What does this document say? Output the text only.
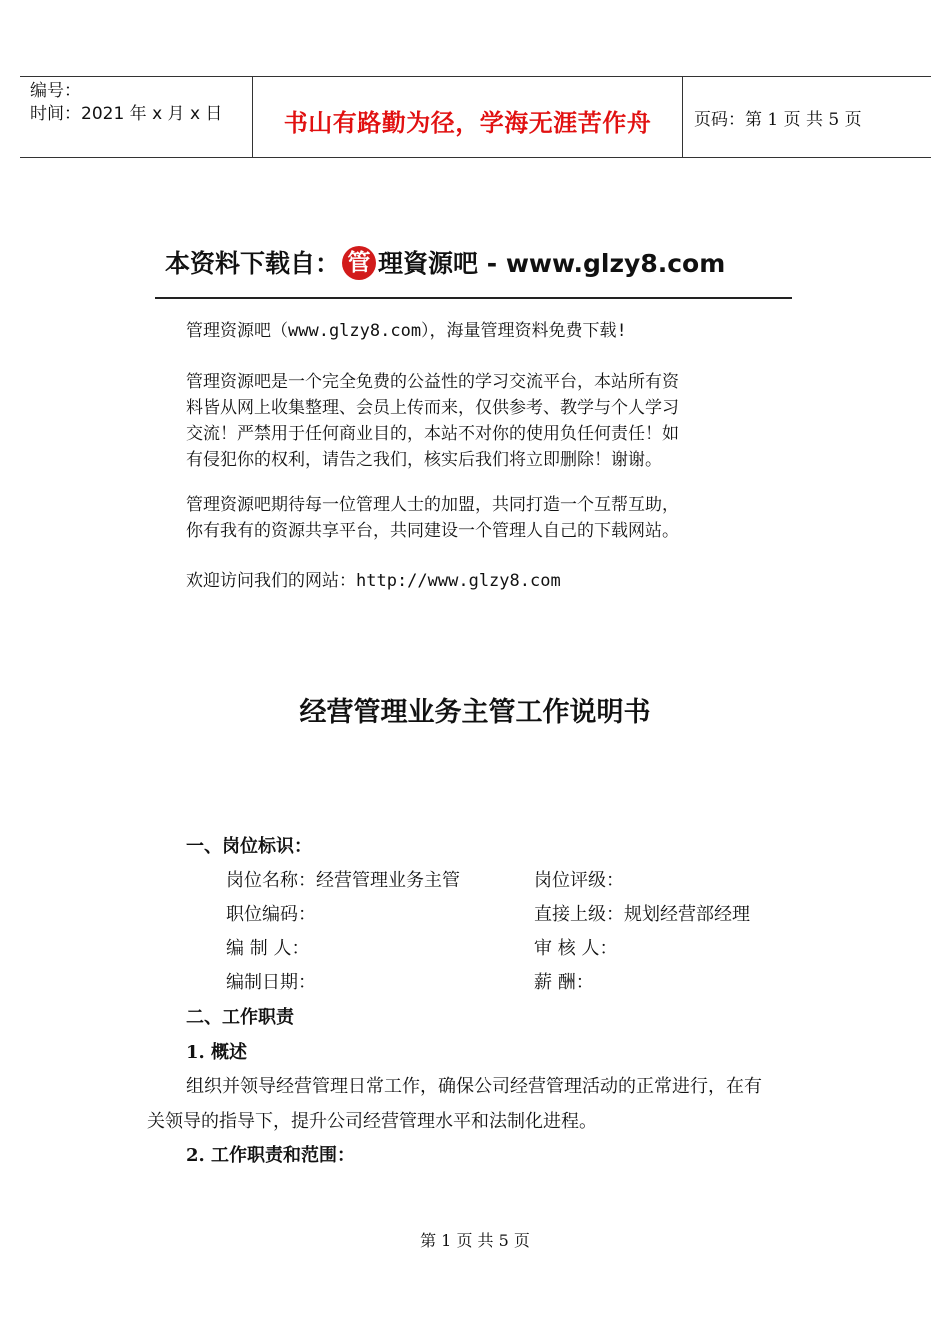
编号：
时间：2021 年 x 月 x 日	书山有路勤为径，学海无涯苦作舟	页码：第 1 页 共 5 页
本资料下载自： 管 理資源吧 - www.glzy8.com

管理资源吧（www.glzy8.com），海量管理资料免费下载!

管理资源吧是一个完全免费的公益性的学习交流平台，本站所有资
料皆从网上收集整理、会员上传而来，仅供参考、教学与个人学习
交流！严禁用于任何商业目的，本站不对你的使用负任何责任！如
有侵犯你的权利，请告之我们，核实后我们将立即删除！谢谢。

管理资源吧期待每一位管理人士的加盟，共同打造一个互帮互助，
你有我有的资源共享平台，共同建设一个管理人自己的下载网站。

欢迎访问我们的网站：http://www.glzy8.com

经营管理业务主管工作说明书
一、岗位标识：
岗位名称：经营管理业务主管	岗位评级：
职位编码：	直接上级：规划经营部经理
编 制 人：	审 核 人：
编制日期：	薪 酬：
二、工作职责
1. 概述
组织并领导经营管理日常工作，确保公司经营管理活动的正常进行，在有
关领导的指导下，提升公司经营管理水平和法制化进程。
2. 工作职责和范围：
第 1 页 共 5 页
